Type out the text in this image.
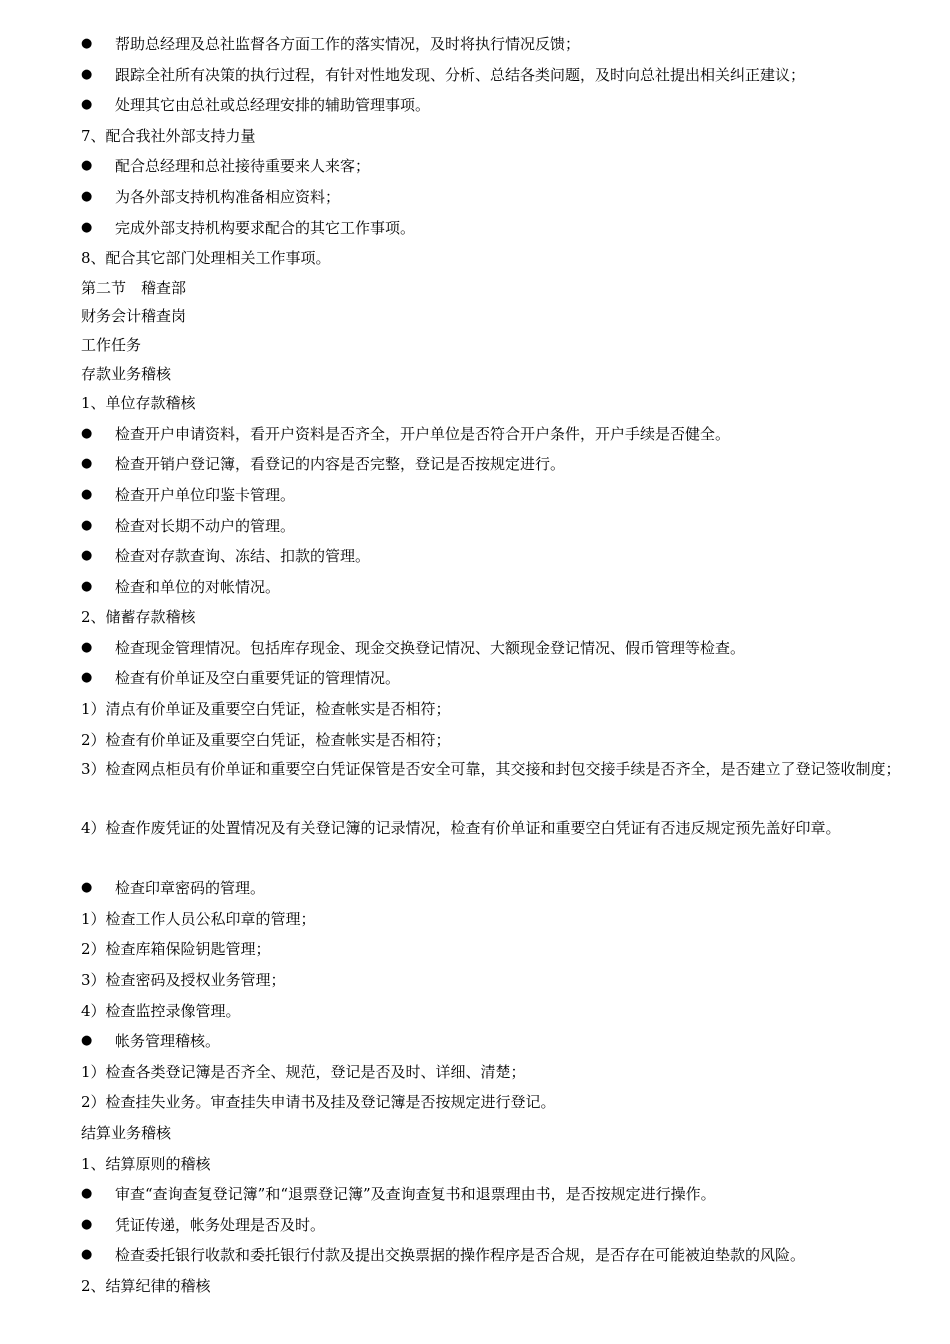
● 帮助总经理及总社监督各方面工作的落实情况，及时将执行情况反馈；
● 跟踪全社所有决策的执行过程，有针对性地发现、分析、总结各类问题，及时向总社提出相关纠正建议；
● 处理其它由总社或总经理安排的辅助管理事项。
7、配合我社外部支持力量
● 配合总经理和总社接待重要来人来客；
● 为各外部支持机构准备相应资料；
● 完成外部支持机构要求配合的其它工作事项。
8、配合其它部门处理相关工作事项。
第二节　稽查部
财务会计稽查岗
工作任务
存款业务稽核
1、单位存款稽核
● 检查开户申请资料，看开户资料是否齐全，开户单位是否符合开户条件，开户手续是否健全。
● 检查开销户登记簿，看登记的内容是否完整，登记是否按规定进行。
● 检查开户单位印鉴卡管理。
● 检查对长期不动户的管理。
● 检查对存款查询、冻结、扣款的管理。
● 检查和单位的对帐情况。
2、储蓄存款稽核
● 检查现金管理情况。包括库存现金、现金交换登记情况、大额现金登记情况、假币管理等检查。
● 检查有价单证及空白重要凭证的管理情况。
1）清点有价单证及重要空白凭证，检查帐实是否相符；
2）检查有价单证及重要空白凭证，检查帐实是否相符；
3）检查网点柜员有价单证和重要空白凭证保管是否安全可靠，其交接和封包交接手续是否齐全，是否建立了登记签收制度；
4）检查作废凭证的处置情况及有关登记簿的记录情况，检查有价单证和重要空白凭证有否违反规定预先盖好印章。
● 检查印章密码的管理。
1）检查工作人员公私印章的管理；
2）检查库箱保险钥匙管理；
3）检查密码及授权业务管理；
4）检查监控录像管理。
● 帐务管理稽核。
1）检查各类登记簿是否齐全、规范，登记是否及时、详细、清楚；
2）检查挂失业务。审查挂失申请书及挂及登记簿是否按规定进行登记。
结算业务稽核
1、结算原则的稽核
● 审查“查询查复登记簿”和“退票登记簿”及查询查复书和退票理由书，是否按规定进行操作。
● 凭证传递，帐务处理是否及时。
● 检查委托银行收款和委托银行付款及提出交换票据的操作程序是否合规，是否存在可能被迫垫款的风险。
2、结算纪律的稽核
